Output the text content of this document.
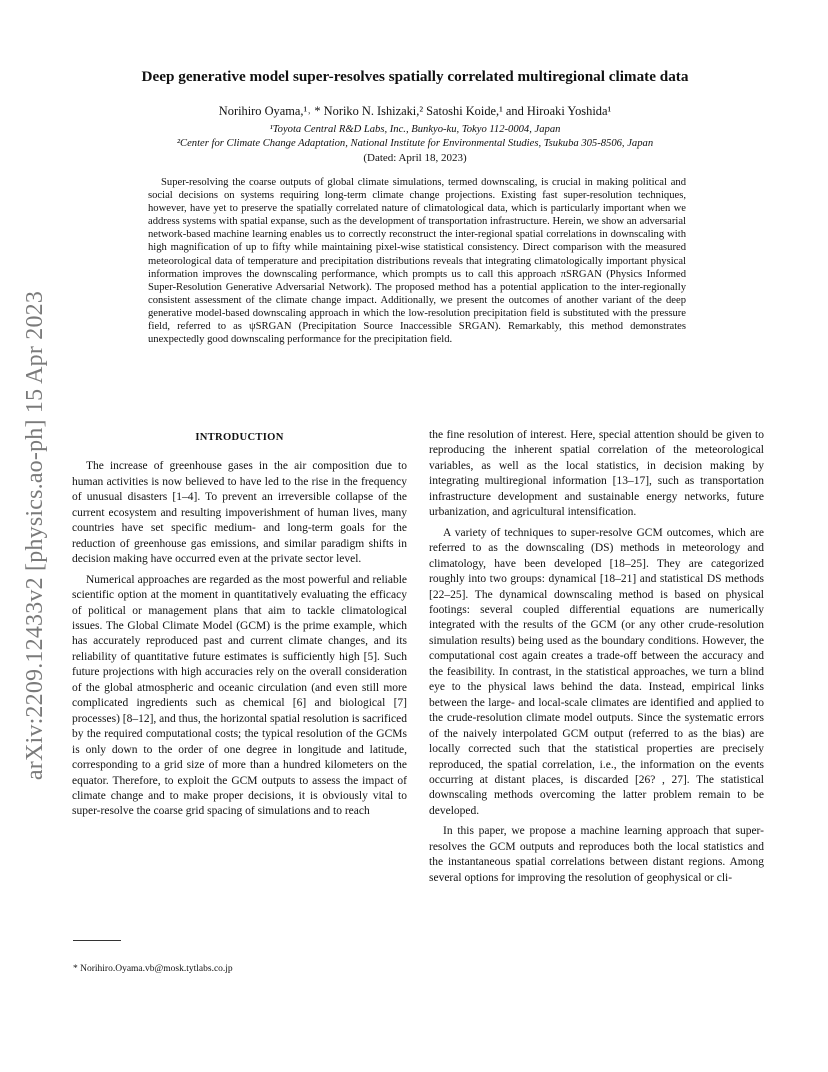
arXiv:2209.12433v2 [physics.ao-ph] 15 Apr 2023
Deep generative model super-resolves spatially correlated multiregional climate data
Norihiro Oyama,¹˒ * Noriko N. Ishizaki,² Satoshi Koide,¹ and Hiroaki Yoshida¹
¹Toyota Central R&D Labs, Inc., Bunkyo-ku, Tokyo 112-0004, Japan
²Center for Climate Change Adaptation, National Institute for Environmental Studies, Tsukuba 305-8506, Japan
(Dated: April 18, 2023)

Super-resolving the coarse outputs of global climate simulations, termed downscaling, is crucial in making political and social decisions on systems requiring long-term climate change projections. Existing fast super-resolution techniques, however, have yet to preserve the spatially correlated nature of climatological data, which is particularly important when we address systems with spatial expanse, such as the development of transportation infrastructure. Herein, we show an adversarial network-based machine learning enables us to correctly reconstruct the inter-regional spatial correlations in downscaling with high magnification of up to fifty while maintaining pixel-wise statistical consistency. Direct comparison with the measured meteorological data of temperature and precipitation distributions reveals that integrating climatologically important physical information improves the downscaling performance, which prompts us to call this approach πSRGAN (Physics Informed Super-Resolution Generative Adversarial Network). The proposed method has a potential application to the inter-regionally consistent assessment of the climate change impact. Additionally, we present the outcomes of another variant of the deep generative model-based downscaling approach in which the low-resolution precipitation field is substituted with the pressure field, referred to as ψSRGAN (Precipitation Source Inaccessible SRGAN). Remarkably, this method demonstrates unexpectedly good downscaling performance for the precipitation field.

INTRODUCTION

The increase of greenhouse gases in the air composition due to human activities is now believed to have led to the rise in the frequency of unusual disasters [1–4]. To prevent an irreversible collapse of the current ecosystem and resulting impoverishment of human lives, many countries have set specific medium- and long-term goals for the reduction of greenhouse gas emissions, and similar paradigm shifts in decision making have occurred even at the private sector level.

Numerical approaches are regarded as the most powerful and reliable scientific option at the moment in quantitatively evaluating the efficacy of political or management plans that aim to tackle climatological issues. The Global Climate Model (GCM) is the prime example, which has accurately reproduced past and current climate changes, and its reliability of quantitative future estimates is sufficiently high [5]. Such future projections with high accuracies rely on the overall consideration of the global atmospheric and oceanic circulation (and even still more complicated ingredients such as chemical [6] and biological [7] processes) [8–12], and thus, the horizontal spatial resolution is sacrificed by the required computational costs; the typical resolution of the GCMs is only down to the order of one degree in longitude and latitude, corresponding to a grid size of more than a hundred kilometers on the equator. Therefore, to exploit the GCM outputs to assess the impact of climate change and to make proper decisions, it is obviously vital to super-resolve the coarse grid spacing of simulations and to reach

the fine resolution of interest. Here, special attention should be given to reproducing the inherent spatial correlation of the meteorological variables, as well as the local statistics, in decision making by integrating multiregional information [13–17], such as transportation infrastructure development and sustainable energy networks, future urbanization, and agricultural intensification.

A variety of techniques to super-resolve GCM outcomes, which are referred to as the downscaling (DS) methods in meteorology and climatology, have been developed [18–25]. They are categorized roughly into two groups: dynamical [18–21] and statistical DS methods [22–25]. The dynamical downscaling method is based on physical footings: several coupled differential equations are numerically integrated with the results of the GCM (or any other crude-resolution simulation results) being used as the boundary conditions. However, the computational cost again creates a trade-off between the accuracy and the feasibility. In contrast, in the statistical approaches, we turn a blind eye to the physical laws behind the data. Instead, empirical links between the large- and local-scale climates are identified and applied to the crude-resolution climate model outputs. Since the systematic errors of the naively interpolated GCM output (referred to as the bias) are locally corrected such that the statistical properties are precisely reproduced, the spatial correlation, i.e., the information on the events occurring at distant places, is discarded [26? , 27]. The statistical downscaling methods overcoming the latter problem remain to be developed.

In this paper, we propose a machine learning approach that super-resolves the GCM outputs and reproduces both the local statistics and the instantaneous spatial correlations between distant regions. Among several options for improving the resolution of geophysical or cli-

* Norihiro.Oyama.vb@mosk.tytlabs.co.jp
